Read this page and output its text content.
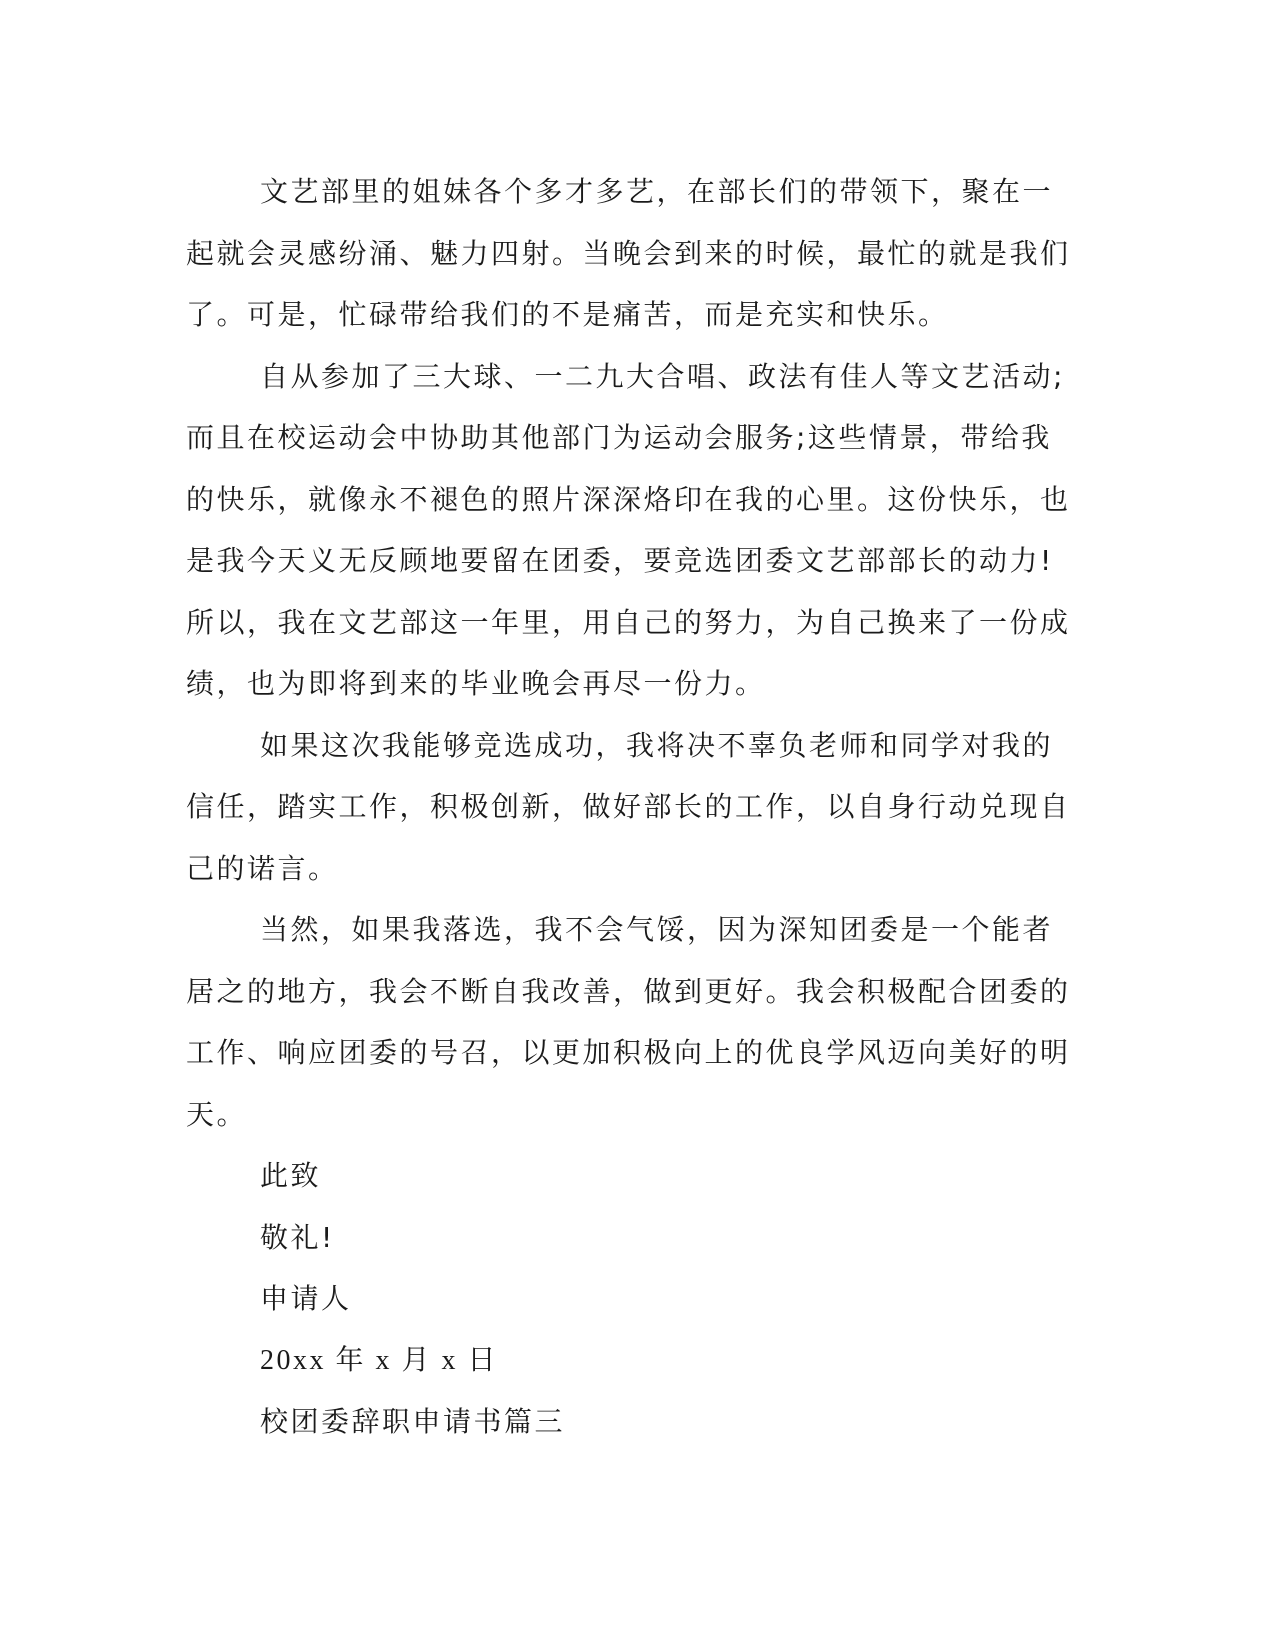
文艺部里的姐妹各个多才多艺，在部长们的带领下，聚在一起就会灵感纷涌、魅力四射。当晚会到来的时候，最忙的就是我们了。可是，忙碌带给我们的不是痛苦，而是充实和快乐。

自从参加了三大球、一二九大合唱、政法有佳人等文艺活动;而且在校运动会中协助其他部门为运动会服务;这些情景，带给我的快乐，就像永不褪色的照片深深烙印在我的心里。这份快乐，也是我今天义无反顾地要留在团委，要竞选团委文艺部部长的动力!所以，我在文艺部这一年里，用自己的努力，为自己换来了一份成绩，也为即将到来的毕业晚会再尽一份力。

如果这次我能够竞选成功，我将决不辜负老师和同学对我的信任，踏实工作，积极创新，做好部长的工作，以自身行动兑现自己的诺言。

当然，如果我落选，我不会气馁，因为深知团委是一个能者居之的地方，我会不断自我改善，做到更好。我会积极配合团委的工作、响应团委的号召，以更加积极向上的优良学风迈向美好的明天。

此致

敬礼!

申请人

20xx 年 x 月 x 日

校团委辞职申请书篇三
